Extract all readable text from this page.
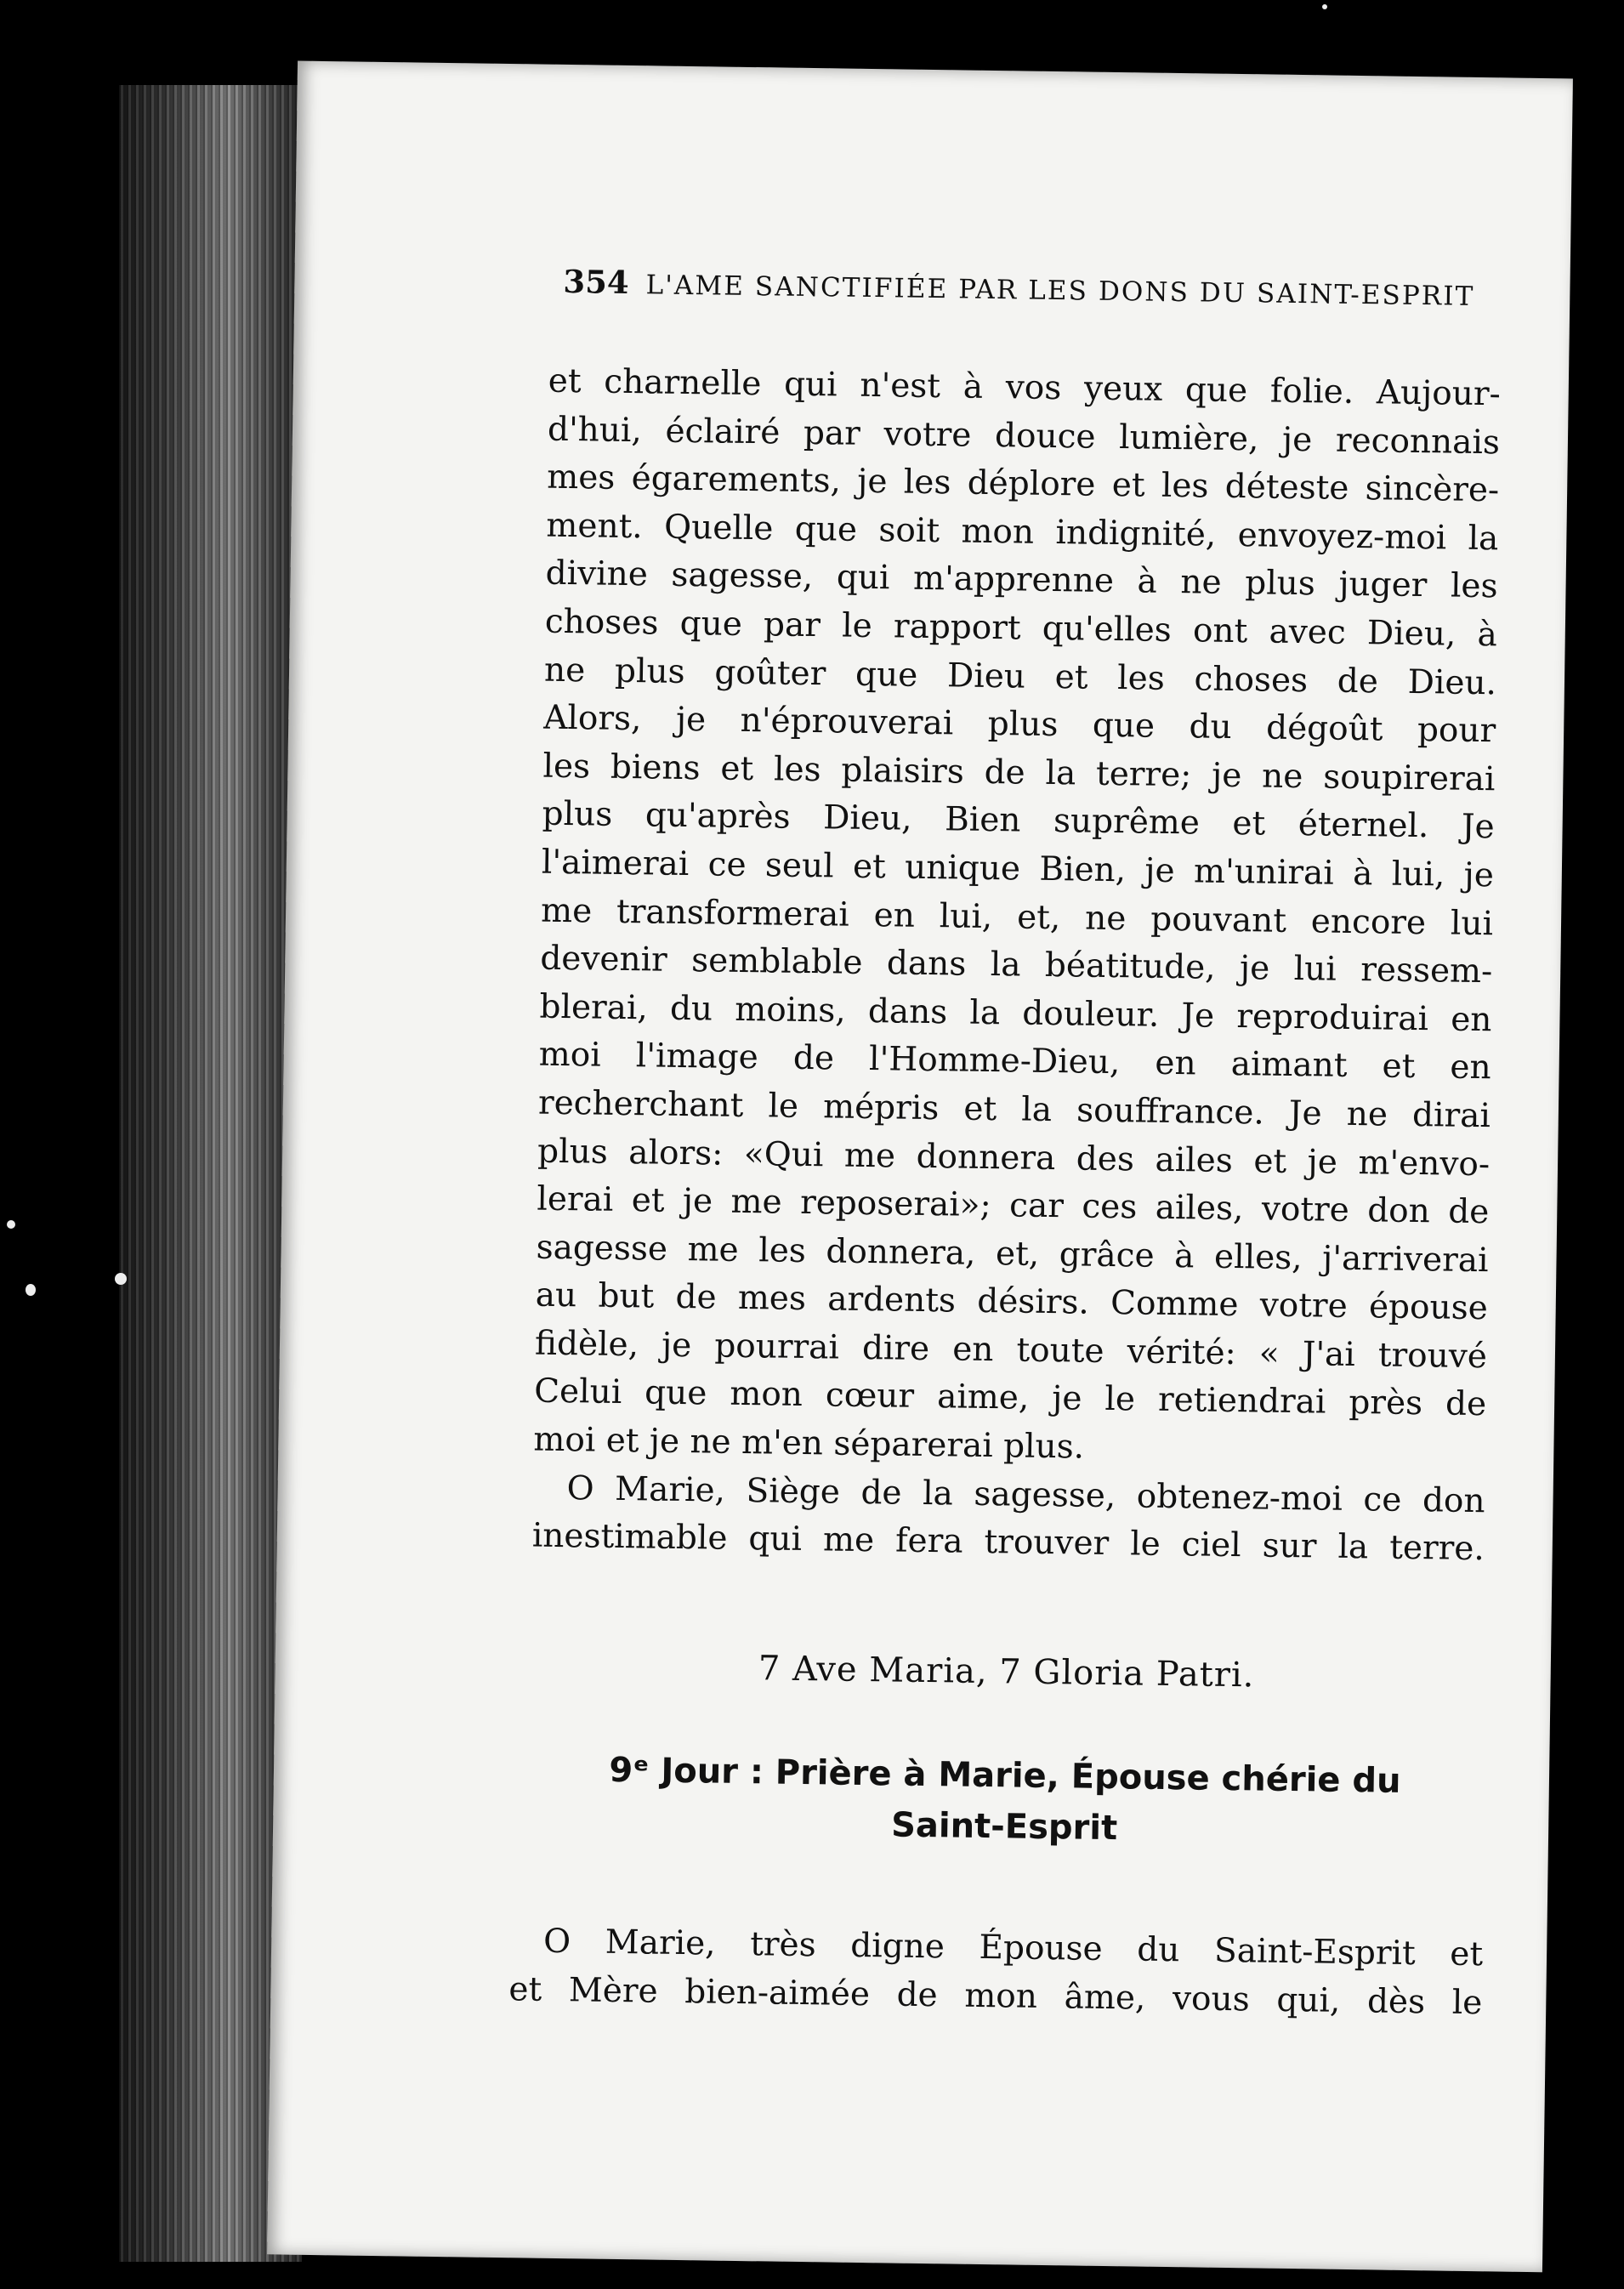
354 L'AME SANCTIFIÉE PAR LES DONS DU SAINT-ESPRIT
et charnelle qui n'est à vos yeux que folie. Aujour-
d'hui, éclairé par votre douce lumière, je reconnais
mes égarements, je les déplore et les déteste sincère-
ment. Quelle que soit mon indignité, envoyez-moi la
divine sagesse, qui m'apprenne à ne plus juger les
choses que par le rapport qu'elles ont avec Dieu, à
ne plus goûter que Dieu et les choses de Dieu.
Alors, je n'éprouverai plus que du dégoût pour
les biens et les plaisirs de la terre; je ne soupirerai
plus qu'après Dieu, Bien suprême et éternel. Je
l'aimerai ce seul et unique Bien, je m'unirai à lui, je
me transformerai en lui, et, ne pouvant encore lui
devenir semblable dans la béatitude, je lui ressem-
blerai, du moins, dans la douleur. Je reproduirai en
moi l'image de l'Homme-Dieu, en aimant et en
recherchant le mépris et la souffrance. Je ne dirai
plus alors: «Qui me donnera des ailes et je m'envo-
lerai et je me reposerai»; car ces ailes, votre don de
sagesse me les donnera, et, grâce à elles, j'arriverai
au but de mes ardents désirs. Comme votre épouse
fidèle, je pourrai dire en toute vérité: « J'ai trouvé
Celui que mon cœur aime, je le retiendrai près de
moi et je ne m'en séparerai plus.
O Marie, Siège de la sagesse, obtenez-moi ce don
inestimable qui me fera trouver le ciel sur la terre.
7 Ave Maria, 7 Gloria Patri.
9ᵉ Jour : Prière à Marie, Épouse chérie du
Saint-Esprit
O Marie, très digne Épouse du Saint-Esprit et
et Mère bien-aimée de mon âme, vous qui, dès le
